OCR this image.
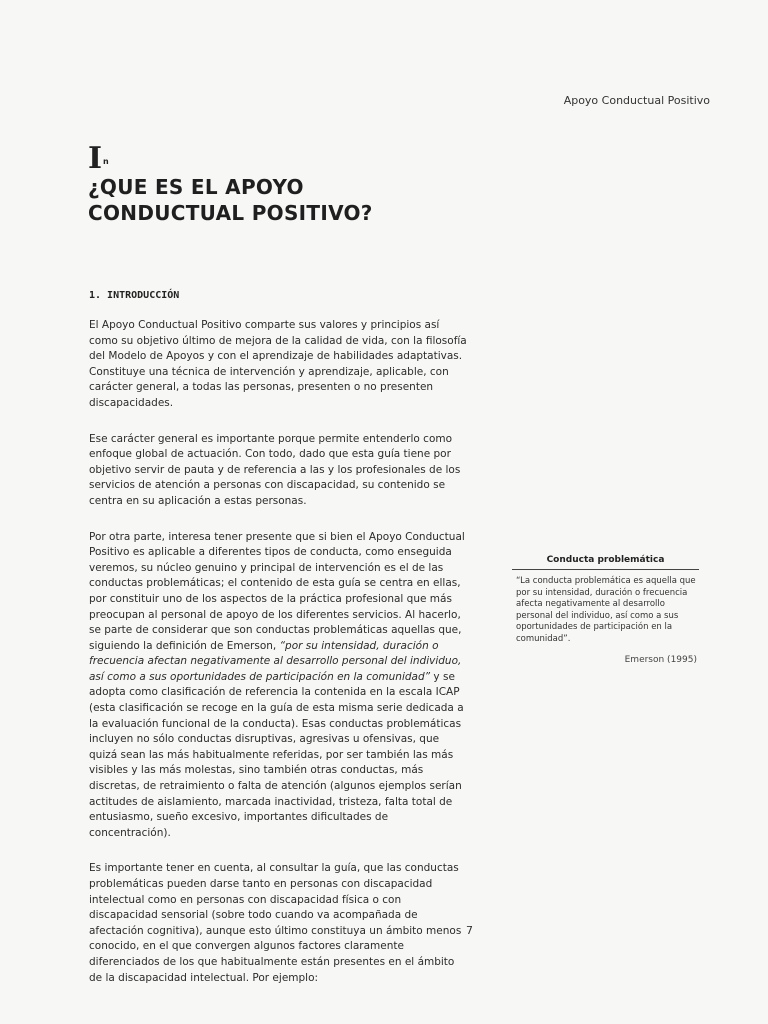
Apoyo Conductual Positivo
I $^n$
¿QUE ES EL APOYO
CONDUCTUAL POSITIVO?
1. INTRODUCCIÓN

El Apoyo Conductual Positivo comparte sus valores y principios así como su objetivo último de mejora de la calidad de vida, con la filosofía del Modelo de Apoyos y con el aprendizaje de habilidades adaptativas. Constituye una técnica de intervención y aprendizaje, aplicable, con carácter general, a todas las personas, presenten o no presenten discapacidades.

Ese carácter general es importante porque permite entenderlo como enfoque global de actuación. Con todo, dado que esta guía tiene por objetivo servir de pauta y de referencia a las y los profesionales de los servicios de atención a personas con discapacidad, su contenido se centra en su aplicación a estas personas.

Por otra parte, interesa tener presente que si bien el Apoyo Conductual Positivo es aplicable a diferentes tipos de conducta, como enseguida veremos, su núcleo genuino y principal de intervención es el de las conductas problemáticas; el contenido de esta guía se centra en ellas, por constituir uno de los aspectos de la práctica profesional que más preocupan al personal de apoyo de los diferentes servicios. Al hacerlo, se parte de considerar que son conductas problemáticas aquellas que, siguiendo la definición de Emerson, “por su intensidad, duración o frecuencia afectan negativamente al desarrollo personal del individuo, así como a sus oportunidades de participación en la comunidad” y se adopta como clasificación de referencia la contenida en la escala ICAP (esta clasificación se recoge en la guía de esta misma serie dedicada a la evaluación funcional de la conducta). Esas conductas problemáticas incluyen no sólo conductas disruptivas, agresivas u ofensivas, que quizá sean las más habitualmente referidas, por ser también las más visibles y las más molestas, sino también otras conductas, más discretas, de retraimiento o falta de atención (algunos ejemplos serían actitudes de aislamiento, marcada inactividad, tristeza, falta total de entusiasmo, sueño excesivo, importantes dificultades de concentración).

Es importante tener en cuenta, al consultar la guía, que las conductas problemáticas pueden darse tanto en personas con discapacidad intelectual como en personas con discapacidad física o con discapacidad sensorial (sobre todo cuando va acompañada de afectación cognitiva), aunque esto último constituya un ámbito menos conocido, en el que convergen algunos factores claramente diferenciados de los que habitualmente están presentes en el ámbito de la discapacidad intelectual. Por ejemplo:

Conducta problemática
“La conducta problemática es aquella que por su intensidad, duración o frecuencia afecta negativamente al desarrollo personal del individuo, así como a sus oportunidades de participación en la comunidad”.
Emerson (1995)
7
